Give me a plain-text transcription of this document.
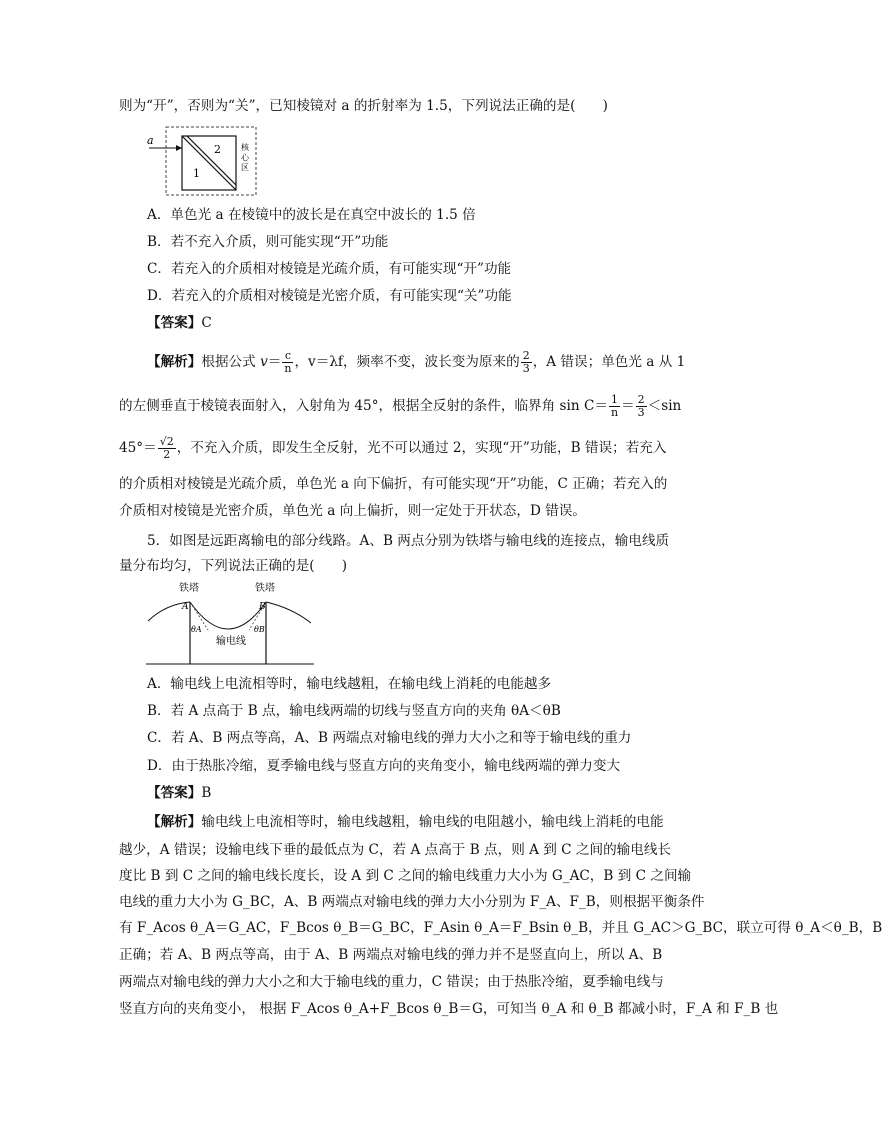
则为“开”，否则为“关”，已知棱镜对 a 的折射率为 1.5，下列说法正确的是(　　)
a
2
1
核
心
区
A．单色光 a 在棱镜中的波长是在真空中波长的 1.5 倍
B．若不充入介质，则可能实现“开”功能
C．若充入的介质相对棱镜是光疏介质，有可能实现“开”功能
D．若充入的介质相对棱镜是光密介质，有可能实现“关”功能
【答案】C
【解析】根据公式 $v= \frac{c}{n}$ ，v＝λf，频率不变，波长变为原来的 $\frac{2}{3}$ ，A 错误；单色光 a 从 1
的左侧垂直于棱镜表面射入，入射角为 45°，根据全反射的条件，临界角 $\sin C= \frac{1}{n} = \frac{2}{3} <\sin$
$45^\circ= \frac{√2}{2}$ ，不充入介质，即发生全反射，光不可以通过 2，实现“开”功能，B 错误；若充入
的介质相对棱镜是光疏介质，单色光 a 向下偏折，有可能实现“开”功能，C 正确；若充入的
介质相对棱镜是光密介质，单色光 a 向上偏折，则一定处于开状态，D 错误。
5．如图是远距离输电的部分线路。A、B 两点分别为铁塔与输电线的连接点，输电线质
量分布均匀，下列说法正确的是(　　)
铁塔	铁塔
A	B
θA	θB
输电线
A．输电线上电流相等时，输电线越粗，在输电线上消耗的电能越多
B．若 A 点高于 B 点，输电线两端的切线与竖直方向的夹角 θA＜θB
C．若 A、B 两点等高，A、B 两端点对输电线的弹力大小之和等于输电线的重力
D．由于热胀冷缩，夏季输电线与竖直方向的夹角变小，输电线两端的弹力变大
【答案】B
【解析】输电线上电流相等时，输电线越粗，输电线的电阻越小，输电线上消耗的电能
越少，A 错误；设输电线下垂的最低点为 C，若 A 点高于 B 点，则 A 到 C 之间的输电线长
度比 B 到 C 之间的输电线长度长，设 A 到 C 之间的输电线重力大小为 G_AC，B 到 C 之间输
电线的重力大小为 G_BC，A、B 两端点对输电线的弹力大小分别为 F_A、F_B，则根据平衡条件
有 F_Acos θ_A＝G_AC，F_Bcos θ_B＝G_BC，F_Asin θ_A＝F_Bsin θ_B，并且 G_AC＞G_BC，联立可得 θ_A＜θ_B，B
正确；若 A、B 两点等高，由于 A、B 两端点对输电线的弹力并不是竖直向上，所以 A、B
两端点对输电线的弹力大小之和大于输电线的重力，C 错误；由于热胀冷缩，夏季输电线与
竖直方向的夹角变小， 根据 F_Acos θ_A+F_Bcos θ_B＝G，可知当 θ_A 和 θ_B 都减小时，F_A 和 F_B 也
